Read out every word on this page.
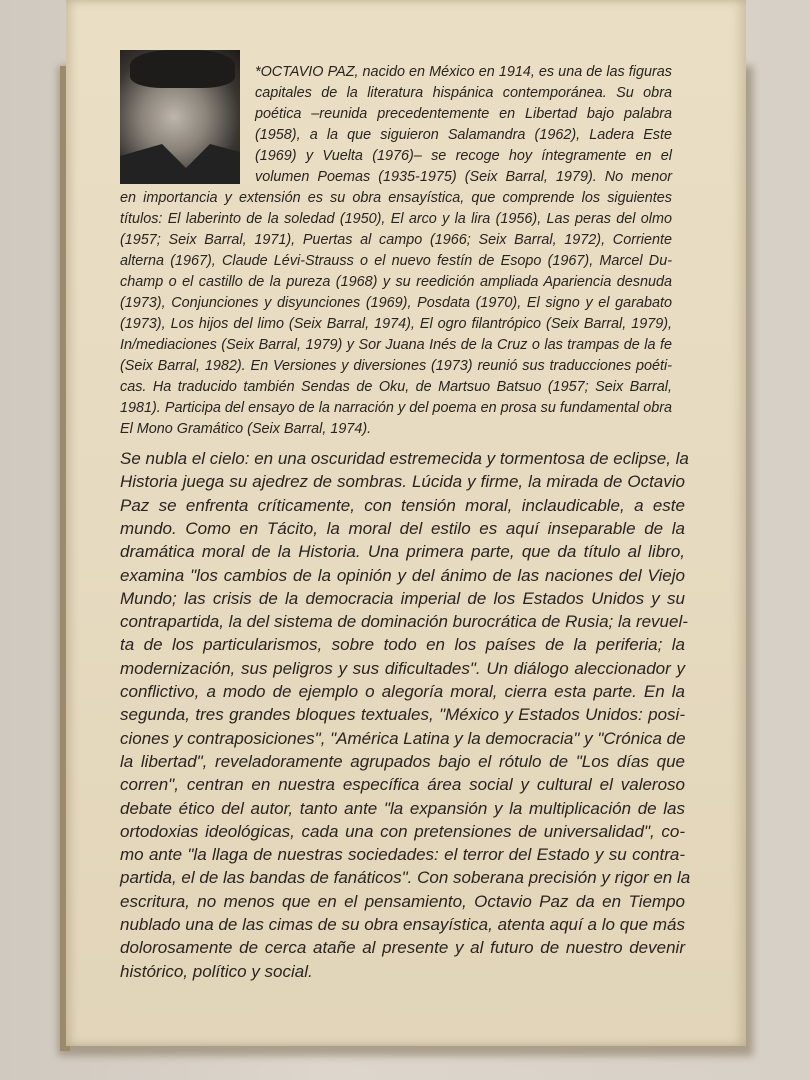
*OCTAVIO PAZ, nacido en México en 1914, es una de las figuras
capitales de la literatura hispánica contemporánea. Su obra
poética –reunida precedentemente en Libertad bajo palabra
(1958), a la que siguieron Salamandra (1962), Ladera Este
(1969) y Vuelta (1976)– se recoge hoy íntegramente en el
volumen Poemas (1935-1975) (Seix Barral, 1979). No menor
en importancia y extensión es su obra ensayística, que comprende los siguientes
títulos: El laberinto de la soledad (1950), El arco y la lira (1956), Las peras del olmo
(1957; Seix Barral, 1971), Puertas al campo (1966; Seix Barral, 1972), Corriente
alterna (1967), Claude Lévi-Strauss o el nuevo festín de Esopo (1967), Marcel Du-
champ o el castillo de la pureza (1968) y su reedición ampliada Apariencia desnuda
(1973), Conjunciones y disyunciones (1969), Posdata (1970), El signo y el garabato
(1973), Los hijos del limo (Seix Barral, 1974), El ogro filantrópico (Seix Barral, 1979),
In/mediaciones (Seix Barral, 1979) y Sor Juana Inés de la Cruz o las trampas de la fe
(Seix Barral, 1982). En Versiones y diversiones (1973) reunió sus traducciones poéti-
cas. Ha traducido también Sendas de Oku, de Martsuo Batsuo (1957; Seix Barral,
1981). Participa del ensayo de la narración y del poema en prosa su fundamental obra
El Mono Gramático (Seix Barral, 1974).
Se nubla el cielo: en una oscuridad estremecida y tormentosa de eclipse, la
Historia juega su ajedrez de sombras. Lúcida y firme, la mirada de Octavio
Paz se enfrenta críticamente, con tensión moral, inclaudicable, a este
mundo. Como en Tácito, la moral del estilo es aquí inseparable de la
dramática moral de la Historia. Una primera parte, que da título al libro,
examina "los cambios de la opinión y del ánimo de las naciones del Viejo
Mundo; las crisis de la democracia imperial de los Estados Unidos y su
contrapartida, la del sistema de dominación burocrática de Rusia; la revuel-
ta de los particularismos, sobre todo en los países de la periferia; la
modernización, sus peligros y sus dificultades". Un diálogo aleccionador y
conflictivo, a modo de ejemplo o alegoría moral, cierra esta parte. En la
segunda, tres grandes bloques textuales, "México y Estados Unidos: posi-
ciones y contraposiciones", "América Latina y la democracia" y "Crónica de
la libertad", reveladoramente agrupados bajo el rótulo de "Los días que
corren", centran en nuestra específica área social y cultural el valeroso
debate ético del autor, tanto ante "la expansión y la multiplicación de las
ortodoxias ideológicas, cada una con pretensiones de universalidad", co-
mo ante "la llaga de nuestras sociedades: el terror del Estado y su contra-
partida, el de las bandas de fanáticos". Con soberana precisión y rigor en la
escritura, no menos que en el pensamiento, Octavio Paz da en Tiempo
nublado una de las cimas de su obra ensayística, atenta aquí a lo que más
dolorosamente de cerca atañe al presente y al futuro de nuestro devenir
histórico, político y social.
